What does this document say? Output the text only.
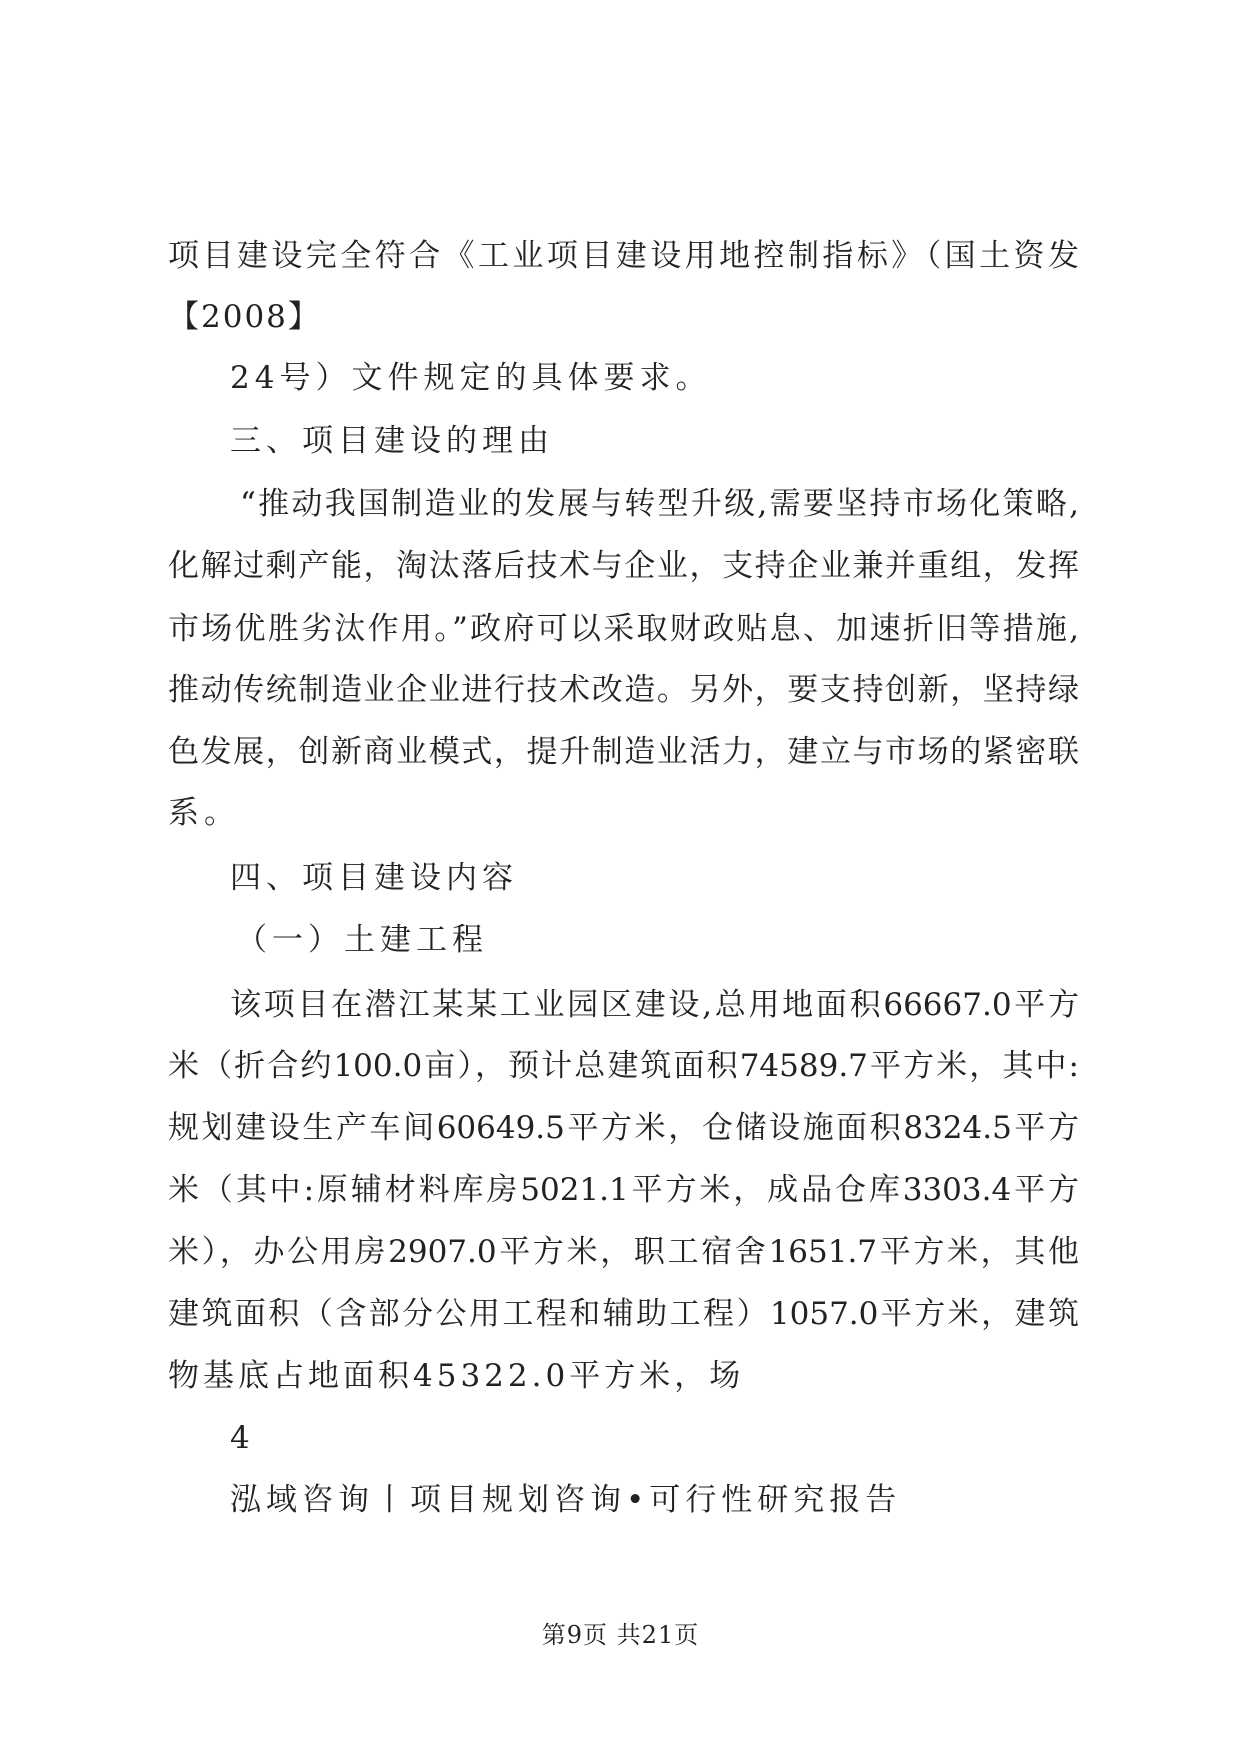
项目建设完全符合《工业项目建设用地控制指标》（国土资发
【2008】
24号）文件规定的具体要求。
三、项目建设的理由
“推动我国制造业的发展与转型升级,需要坚持市场化策略,
化解过剩产能，淘汰落后技术与企业，支持企业兼并重组，发挥
市场优胜劣汰作用。”政府可以采取财政贴息、加速折旧等措施,
推动传统制造业企业进行技术改造。另外，要支持创新，坚持绿
色发展，创新商业模式，提升制造业活力，建立与市场的紧密联
系。
四、项目建设内容
（一）土建工程
该项目在潜江某某工业园区建设,总用地面积66667.0平方
米（折合约100.0亩），预计总建筑面积74589.7平方米，其中:
规划建设生产车间60649.5平方米，仓储设施面积8324.5平方
米（其中:原辅材料库房5021.1平方米，成品仓库3303.4平方
米），办公用房2907.0平方米，职工宿舍1651.7平方米，其他
建筑面积（含部分公用工程和辅助工程）1057.0平方米，建筑
物基底占地面积45322.0平方米，场
4
泓域咨询丨项目规划咨询•可行性研究报告
第9页 共21页
